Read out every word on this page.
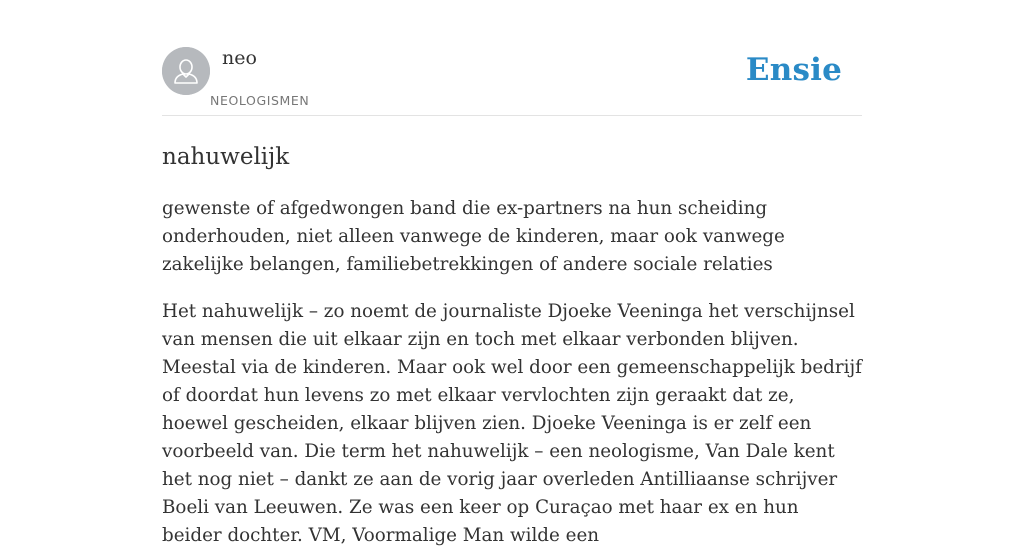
neo
NEOLOGISMEN
Ensie
nahuwelijk

gewenste of afgedwongen band die ex-partners na hun scheiding onderhouden, niet alleen vanwege de kinderen, maar ook vanwege zakelijke belangen, familiebetrekkingen of andere sociale relaties

Het nahuwelijk – zo noemt de journaliste Djoeke Veeninga het verschijnsel van mensen die uit elkaar zijn en toch met elkaar verbonden blijven. Meestal via de kinderen. Maar ook wel door een gemeenschappelijk bedrijf of doordat hun levens zo met elkaar vervlochten zijn geraakt dat ze, hoewel gescheiden, elkaar blijven zien. Djoeke Veeninga is er zelf een voorbeeld van. Die term het nahuwelijk – een neologisme, Van Dale kent het nog niet – dankt ze aan de vorig jaar overleden Antilliaanse schrijver Boeli van Leeuwen. Ze was een keer op Curaçao met haar ex en hun beider dochter. VM, Voormalige Man wilde een
